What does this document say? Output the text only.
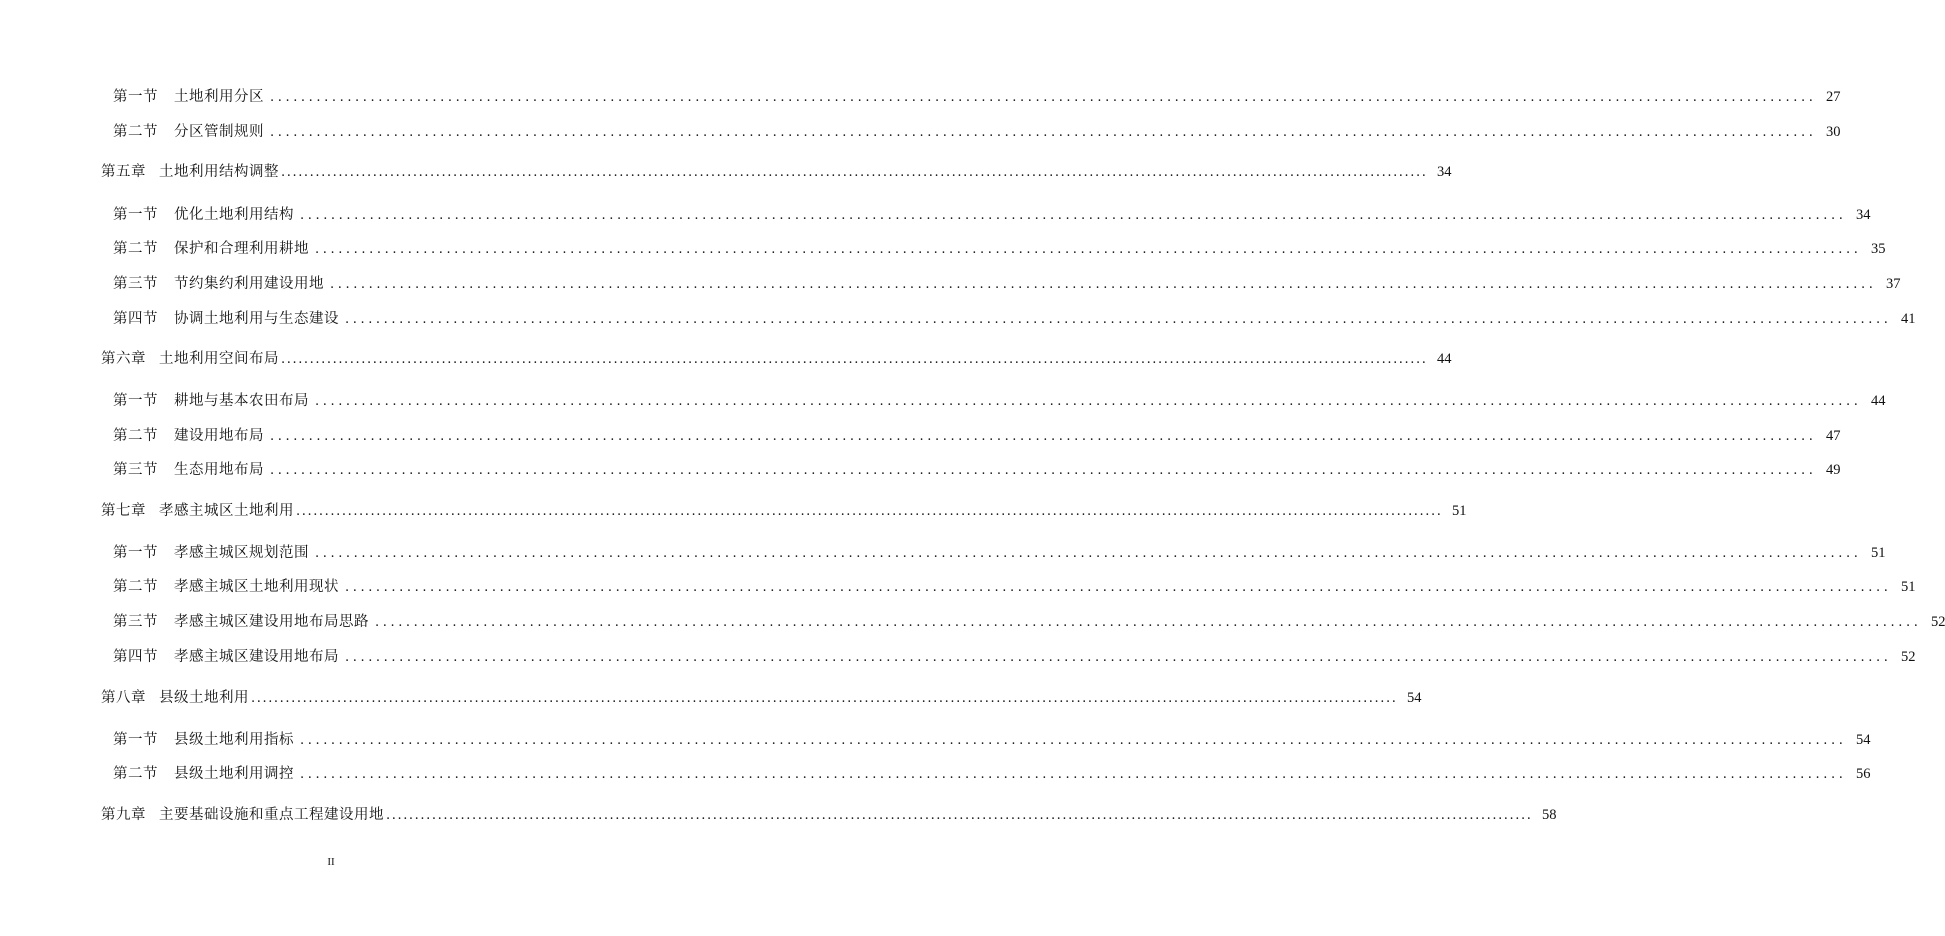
第一节 土地利用分区 ........................................................................................................................................................................................................ 27
第二节 分区管制规则 ........................................................................................................................................................................................................ 30
第五章 土地利用结构调整 ........................................................................................................................................................................................................ 34
第一节 优化土地利用结构 ........................................................................................................................................................................................................ 34
第二节 保护和合理利用耕地 ........................................................................................................................................................................................................ 35
第三节 节约集约利用建设用地 ........................................................................................................................................................................................................ 37
第四节 协调土地利用与生态建设 ........................................................................................................................................................................................................ 41
第六章 土地利用空间布局 ........................................................................................................................................................................................................ 44
第一节 耕地与基本农田布局 ........................................................................................................................................................................................................ 44
第二节 建设用地布局 ........................................................................................................................................................................................................ 47
第三节 生态用地布局 ........................................................................................................................................................................................................ 49
第七章 孝感主城区土地利用 ........................................................................................................................................................................................................ 51
第一节 孝感主城区规划范围 ........................................................................................................................................................................................................ 51
第二节 孝感主城区土地利用现状 ........................................................................................................................................................................................................ 51
第三节 孝感主城区建设用地布局思路 ........................................................................................................................................................................................................ 52
第四节 孝感主城区建设用地布局 ........................................................................................................................................................................................................ 52
第八章 县级土地利用 ........................................................................................................................................................................................................ 54
第一节 县级土地利用指标 ........................................................................................................................................................................................................ 54
第二节 县级土地利用调控 ........................................................................................................................................................................................................ 56
第九章 主要基础设施和重点工程建设用地 ........................................................................................................................................................................................................ 58
II
